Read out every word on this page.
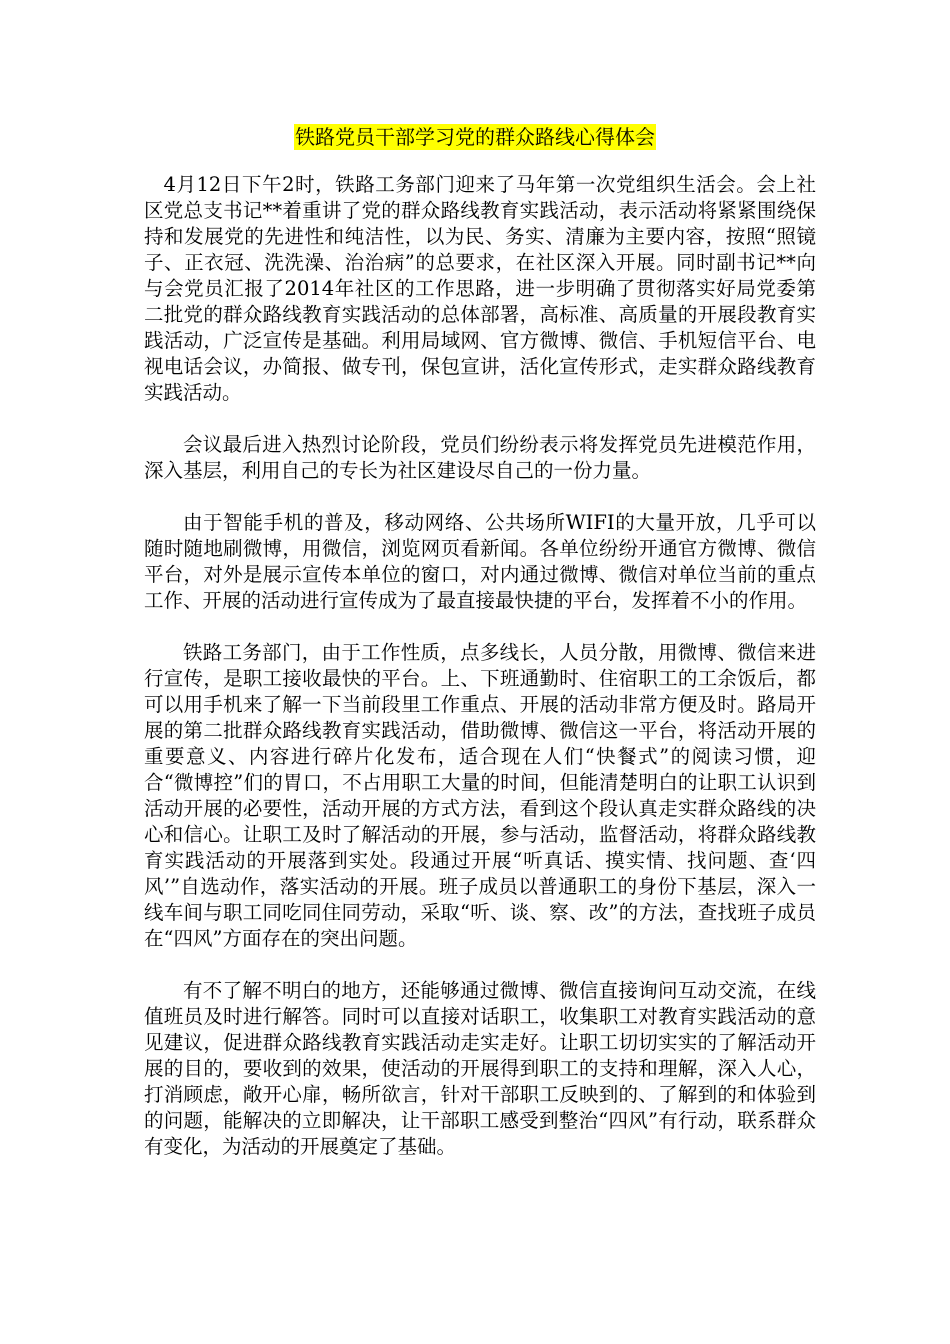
铁路党员干部学习党的群众路线心得体会

4月12日下午2时，铁路工务部门迎来了马年第一次党组织生活会。会上社区党总支书记**着重讲了党的群众路线教育实践活动，表示活动将紧紧围绕保持和发展党的先进性和纯洁性，以为民、务实、清廉为主要内容，按照“照镜子、正衣冠、洗洗澡、治治病”的总要求，在社区深入开展。同时副书记**向与会党员汇报了2014年社区的工作思路，进一步明确了贯彻落实好局党委第二批党的群众路线教育实践活动的总体部署，高标准、高质量的开展段教育实践活动，广泛宣传是基础。利用局域网、官方微博、微信、手机短信平台、电视电话会议，办简报、做专刊，保包宣讲，活化宣传形式，走实群众路线教育实践活动。

会议最后进入热烈讨论阶段，党员们纷纷表示将发挥党员先进模范作用，深入基层，利用自己的专长为社区建设尽自己的一份力量。

由于智能手机的普及，移动网络、公共场所WIFI的大量开放，几乎可以随时随地刷微博，用微信，浏览网页看新闻。各单位纷纷开通官方微博、微信平台，对外是展示宣传本单位的窗口，对内通过微博、微信对单位当前的重点工作、开展的活动进行宣传成为了最直接最快捷的平台，发挥着不小的作用。

铁路工务部门，由于工作性质，点多线长，人员分散，用微博、微信来进行宣传，是职工接收最快的平台。上、下班通勤时、住宿职工的工余饭后，都可以用手机来了解一下当前段里工作重点、开展的活动非常方便及时。路局开展的第二批群众路线教育实践活动，借助微博、微信这一平台，将活动开展的重要意义、内容进行碎片化发布，适合现在人们“快餐式”的阅读习惯，迎合“微博控”们的胃口，不占用职工大量的时间，但能清楚明白的让职工认识到活动开展的必要性，活动开展的方式方法，看到这个段认真走实群众路线的决心和信心。让职工及时了解活动的开展，参与活动，监督活动，将群众路线教育实践活动的开展落到实处。段通过开展“听真话、摸实情、找问题、查‘四风’”自选动作，落实活动的开展。班子成员以普通职工的身份下基层，深入一线车间与职工同吃同住同劳动，采取“听、谈、察、改”的方法，查找班子成员在“四风”方面存在的突出问题。

有不了解不明白的地方，还能够通过微博、微信直接询问互动交流，在线值班员及时进行解答。同时可以直接对话职工，收集职工对教育实践活动的意见建议，促进群众路线教育实践活动走实走好。让职工切切实实的了解活动开展的目的，要收到的效果，使活动的开展得到职工的支持和理解，深入人心，打消顾虑，敞开心扉，畅所欲言，针对干部职工反映到的、了解到的和体验到的问题，能解决的立即解决，让干部职工感受到整治“四风”有行动，联系群众有变化，为活动的开展奠定了基础。
